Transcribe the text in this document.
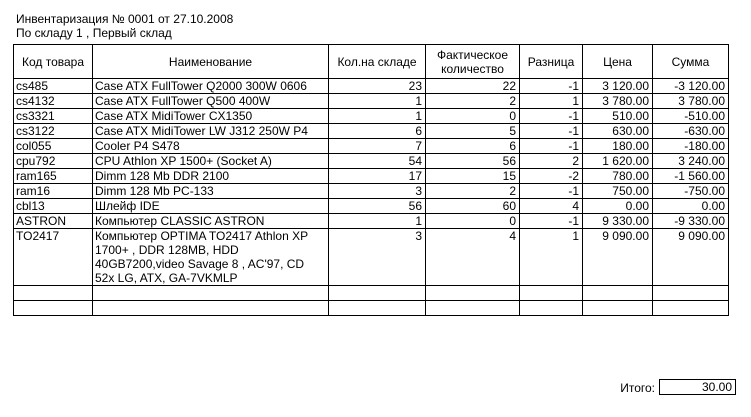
Инвентаризация № 0001 от 27.10.2008
По складу 1 , Первый склад
Код товара	Наименование	Кол.на складе	Фактическое количество	Разница	Цена	Сумма
cs485	Case ATX FullTower Q2000 300W 0606	23	22	-1	3 120.00	-3 120.00
cs4132	Case ATX FullTower Q500 400W	1	2	1	3 780.00	3 780.00
cs3321	Case ATX MidiTower CX1350	1	0	-1	510.00	-510.00
cs3122	Case ATX MidiTower LW J312 250W P4	6	5	-1	630.00	-630.00
col055	Cooler P4 S478	7	6	-1	180.00	-180.00
cpu792	CPU Athlon XP 1500+ (Socket A)	54	56	2	1 620.00	3 240.00
ram165	Dimm 128 Mb DDR 2100	17	15	-2	780.00	-1 560.00
ram16	Dimm 128 Mb PC-133	3	2	-1	750.00	-750.00
cbl13	Шлейф IDE	56	60	4	0.00	0.00
ASTRON	Компьютер CLASSIC ASTRON	1	0	-1	9 330.00	-9 330.00
TO2417	Компьютер OPTIMA TO2417 Athlon XP 1700+ , DDR 128MB, HDD 40GB7200,video Savage 8 , AC'97, CD 52x LG, ATX, GA-7VKMLP	3	4	1	9 090.00	9 090.00

Итого:	30.00
